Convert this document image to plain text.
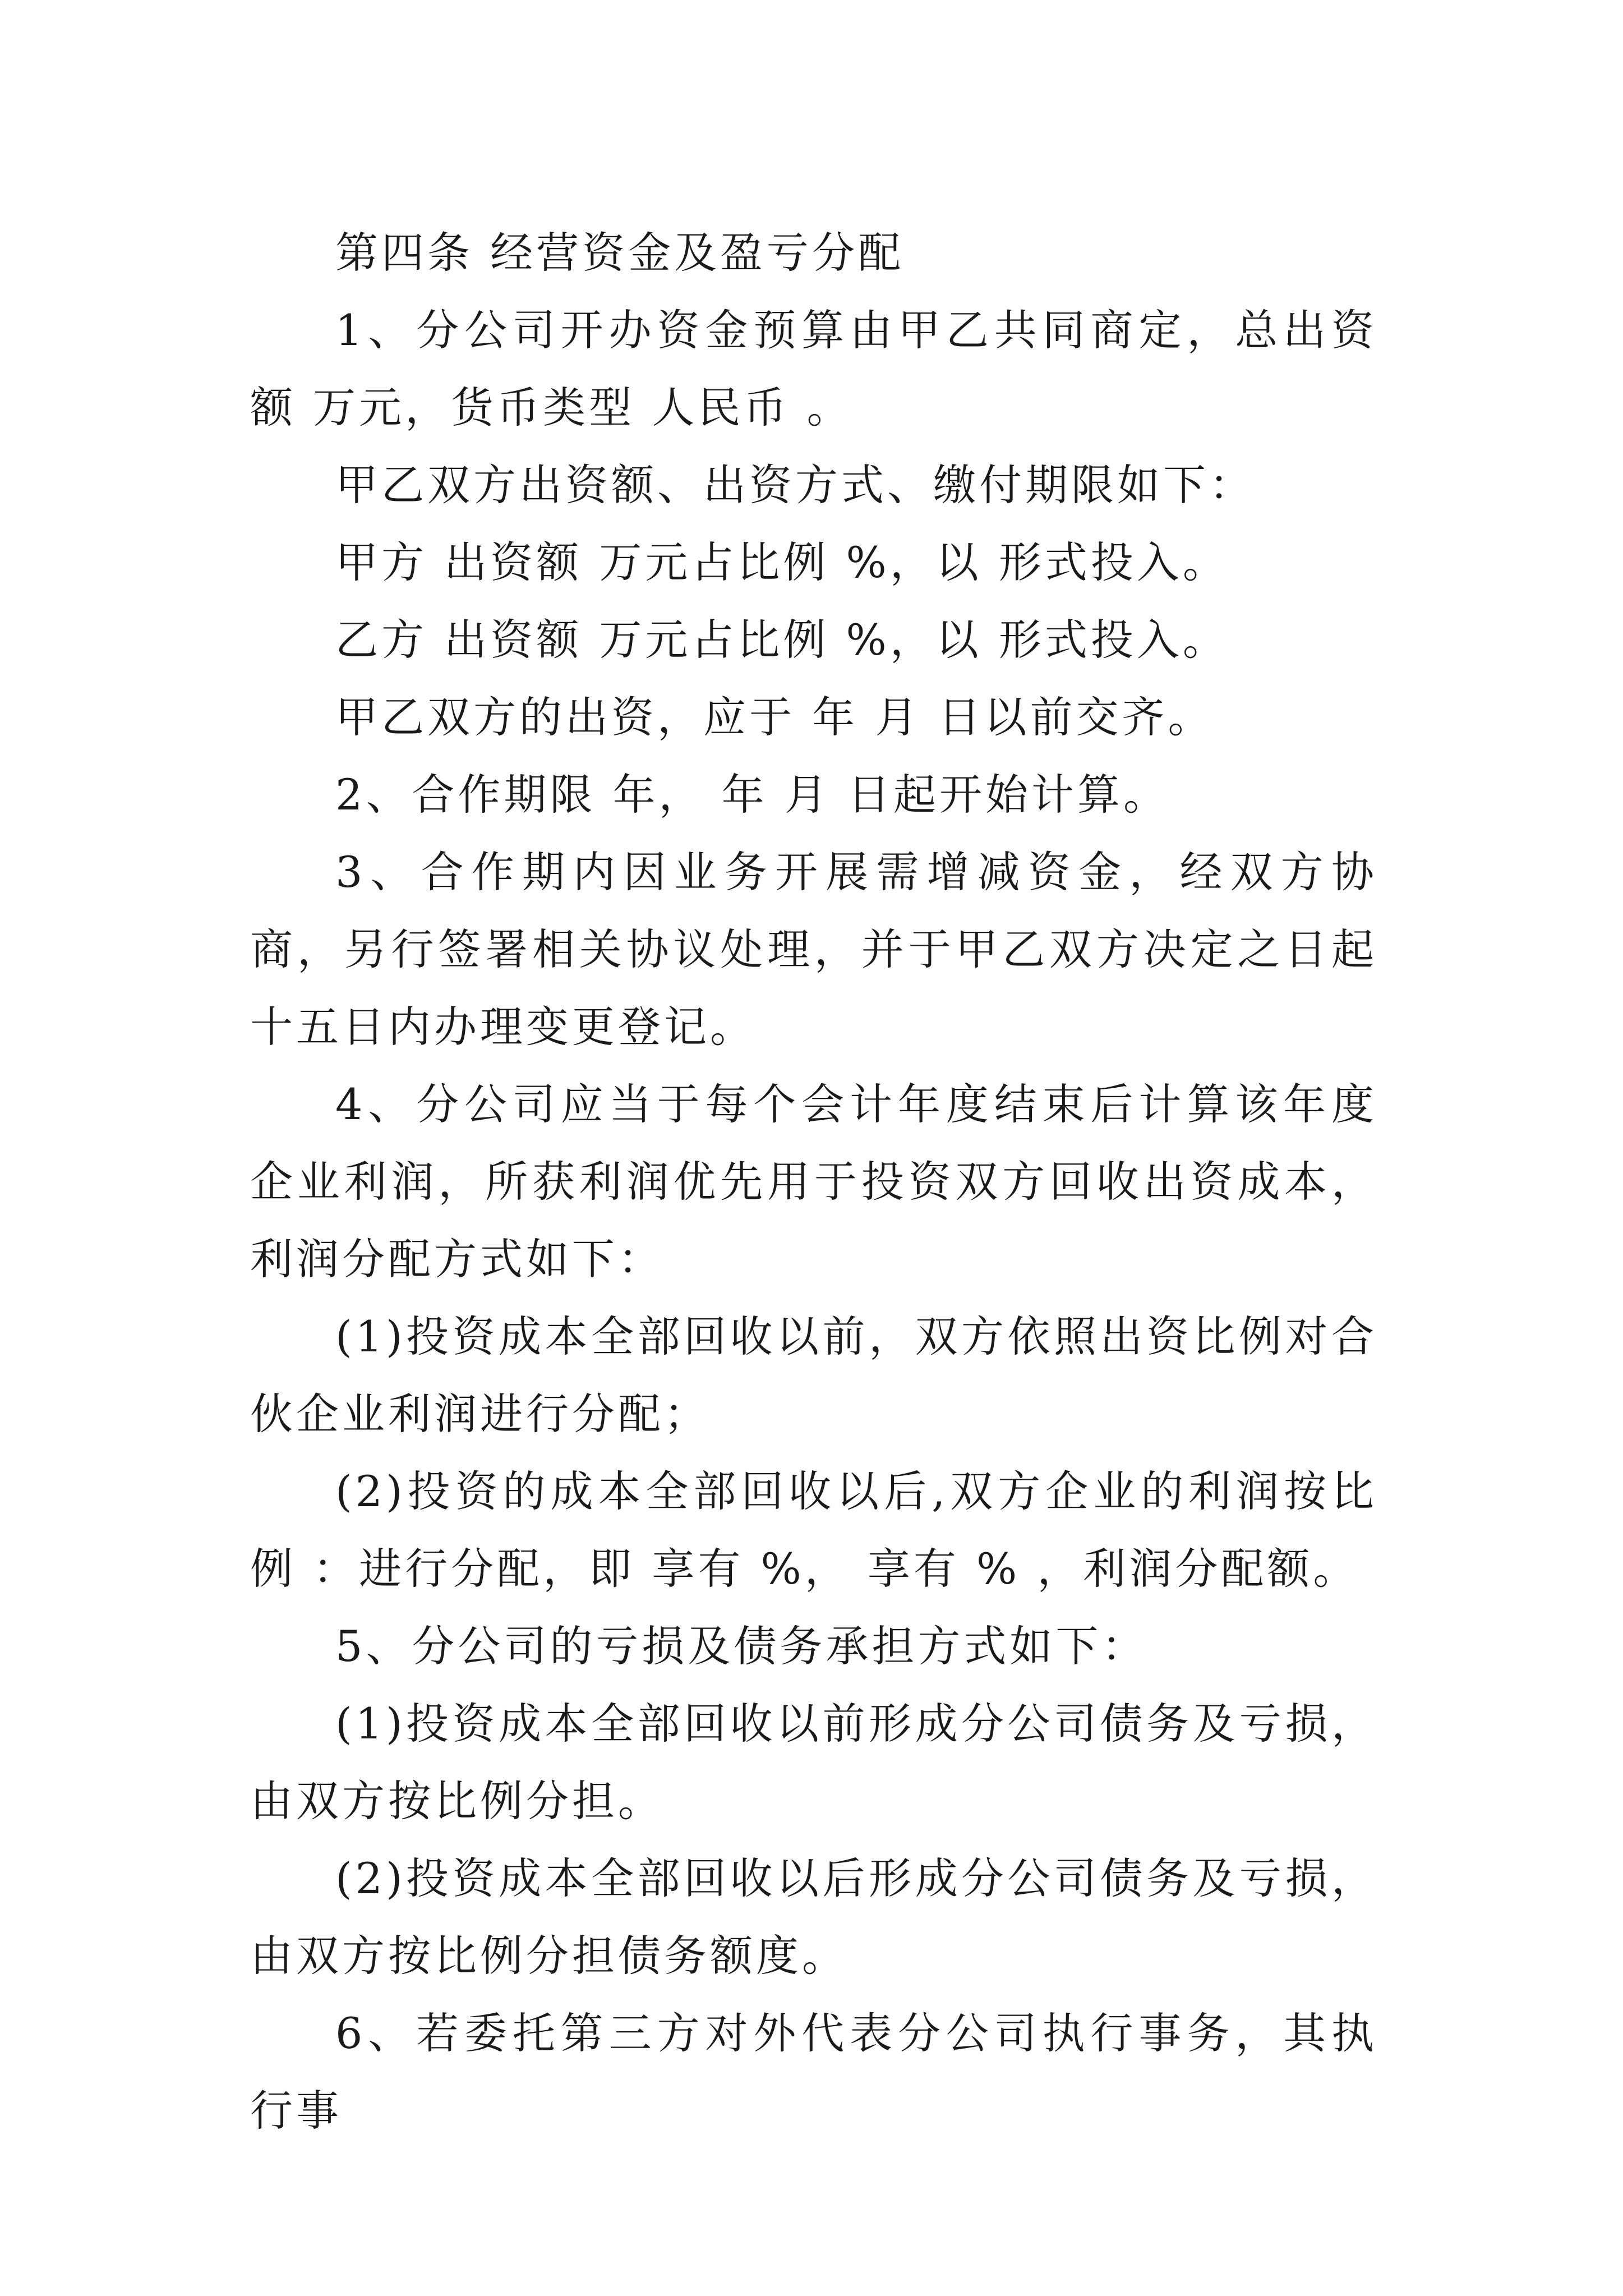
第四条 经营资金及盈亏分配

1、分公司开办资金预算由甲乙共同商定，总出资额 万元，货币类型 人民币 。

甲乙双方出资额、出资方式、缴付期限如下：

甲方 出资额 万元占比例 %，以 形式投入。

乙方 出资额 万元占比例 %，以 形式投入。

甲乙双方的出资，应于 年 月 日以前交齐。

2、合作期限 年， 年 月 日起开始计算。

3、合作期内因业务开展需增减资金，经双方协商，另行签署相关协议处理，并于甲乙双方决定之日起十五日内办理变更登记。

4、分公司应当于每个会计年度结束后计算该年度企业利润，所获利润优先用于投资双方回收出资成本，利润分配方式如下：

(1)投资成本全部回收以前，双方依照出资比例对合伙企业利润进行分配；

(2)投资的成本全部回收以后,双方企业的利润按比例 ：进行分配，即 享有 %， 享有 % ，利润分配额。

5、分公司的亏损及债务承担方式如下：

(1)投资成本全部回收以前形成分公司债务及亏损，由双方按比例分担。

(2)投资成本全部回收以后形成分公司债务及亏损，由双方按比例分担债务额度。

6、若委托第三方对外代表分公司执行事务，其执行事
